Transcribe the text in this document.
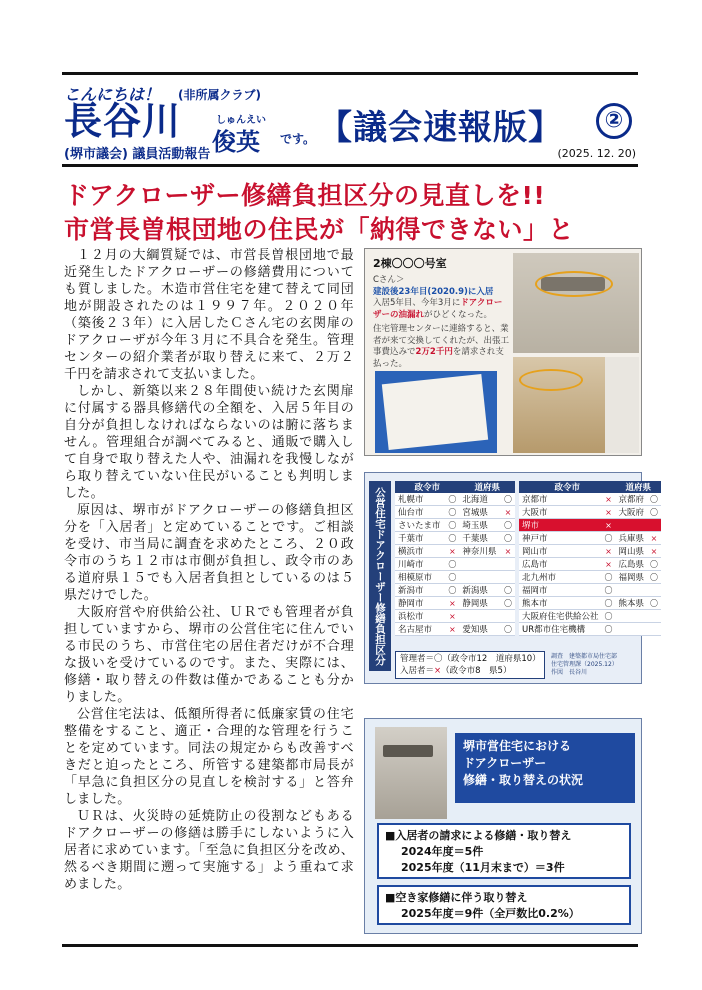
こんにちは！ (非所属クラブ)
長谷川	しゅんえい
俊英 です。
(堺市議会) 議員活動報告
【議会速報版】	②
(2025. 12. 20)
ドアクローザー修繕負担区分の見直しを!!
市営長曽根団地の住民が「納得できない」と

１２月の大綱質疑では、市営長曽根団地で最近発生したドアクローザーの修繕費用についても質しました。木造市営住宅を建て替えて同団地が開設されたのは１９９７年。２０２０年（築後２３年）に入居したＣさん宅の玄関扉のドアクローザが今年３月に不具合を発生。管理センターの紹介業者が取り替えに来て、２万２千円を請求されて支払いました。

しかし、新築以来２８年間使い続けた玄関扉に付属する器具修繕代の全額を、入居５年目の自分が負担しなければならないのは腑に落ちません。管理組合が調べてみると、通販で購入して自身で取り替えた人や、油漏れを我慢しながら取り替えていない住民がいることも判明しました。

原因は、堺市がドアクローザーの修繕負担区分を「入居者」と定めていることです。ご相談を受け、市当局に調査を求めたところ、２０政令市のうち１２市は市側が負担し、政令市のある道府県１５でも入居者負担としているのは５県だけでした。

大阪府営や府供給公社、ＵＲでも管理者が負担していますから、堺市の公営住宅に住んでいる市民のうち、市営住宅の居住者だけが不合理な扱いを受けているのです。また、実際には、修繕・取り替えの件数は僅かであることも分かりました。

公営住宅法は、低額所得者に低廉家賃の住宅整備をすること、適正・合理的な管理を行うことを定めています。同法の規定からも改善すべきだと迫ったところ、所管する建築都市局長が「早急に負担区分の見直しを検討する」と答弁しました。

ＵＲは、火災時の延焼防止の役割などもあるドアクローザーの修繕は勝手にしないように入居者に求めています。「至急に負担区分を改め、然るべき期間に遡って実施する」よう重ねて求めました。

2棟〇〇〇号室
Cさん＞
建設後23年目(2020.9)に入居
入居5年目、今年3月にドアクローザーの油漏れがひどくなった。
住宅管理センターに連絡すると、業者が来て交換してくれたが、出張工事費込みで2万2千円を請求され支払った。
公営住宅ドアクローザー修繕負担区分	政令市		道府県	
札幌市	〇	北海道	〇
仙台市	〇	宮城県	×
さいたま市	〇	埼玉県	〇
千葉市	〇	千葉県	〇
横浜市	×	神奈川県	×
川崎市	〇		
相模原市	〇		
新潟市	〇	新潟県	〇
静岡市	×	静岡県	〇
浜松市	×		
名古屋市	×	愛知県	〇
政令市		道府県	
京都市	×	京都府	〇
大阪市	×	大阪府	〇
堺市	×		
神戸市	〇	兵庫県	×
岡山市	×	岡山県	×
広島市	×	広島県	〇
北九州市	〇	福岡県	〇
福岡市	〇		
熊本市	〇	熊本県	〇
大阪府住宅供給公社	〇		
UR都市住宅機構	〇		
管理者＝〇（政令市12　道府県10）
入居者＝×（政令市8　県5）
調査　建築都市局住宅部
住宅管理課（2025.12）
作図　長谷川
堺市営住宅における
ドアクローザー
修繕・取り替えの状況
■入居者の請求による修繕・取り替え
2024年度＝5件
2025年度（11月末まで）＝3件
■空き家修繕に伴う取り替え
2025年度＝9件（全戸数比0.2%）
